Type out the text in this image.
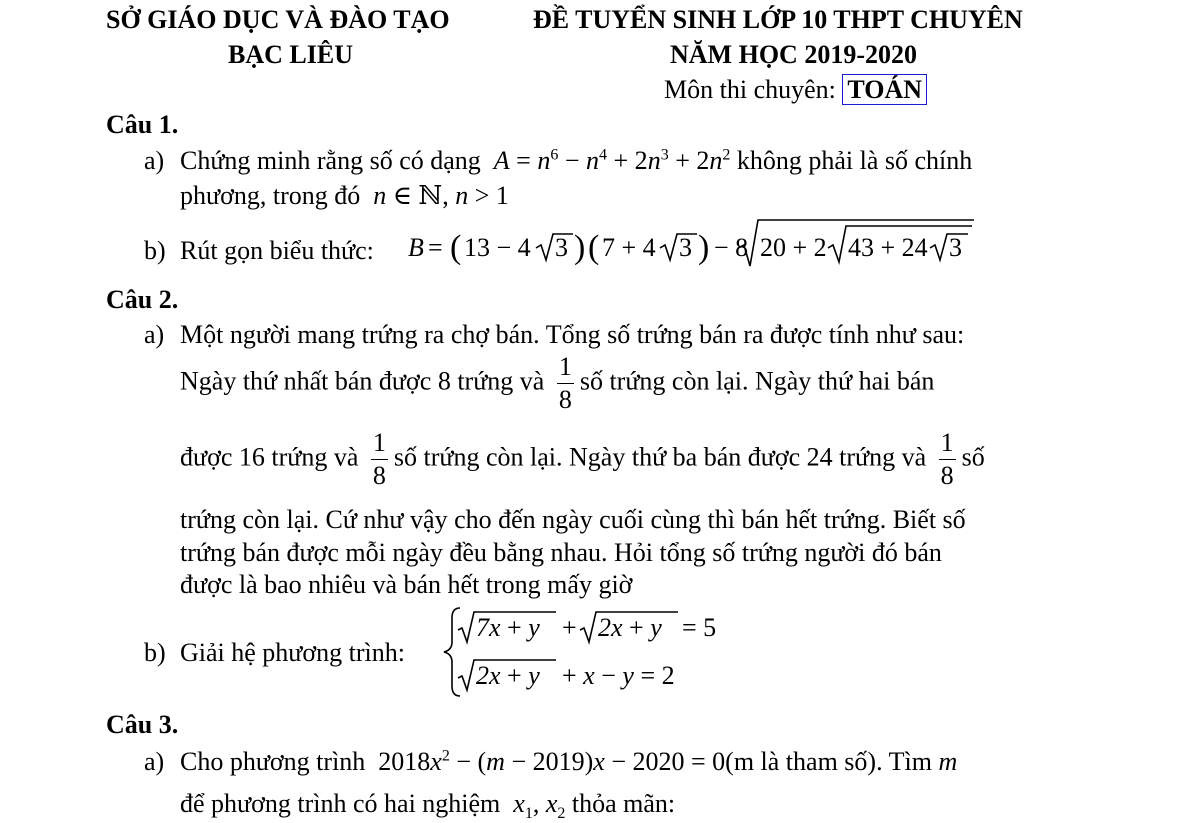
SỞ GIÁO DỤC VÀ ĐÀO TẠO
BẠC LIÊU
ĐỀ TUYỂN SINH LỚP 10 THPT CHUYÊN
NĂM HỌC 2019-2020
Môn thi chuyên: TOÁN
Câu 1.
a) Chứng minh rằng số có dạng $A = n^6 - n^4 + 2n^3 + 2n^2$ không phải là số chính
phương, trong đó n ∈ ℕ, n > 1
b) Rút gọn biểu thức: B = ( 13 − 4 3 ) ( 7 + 4 3 ) − 8 20 + 2 43 + 24 3
Câu 2.
a) Một người mang trứng ra chợ bán. Tổng số trứng bán ra được tính như sau:
Ngày thứ nhất bán được 8 trứng và $\frac{1}{8}$ số trứng còn lại. Ngày thứ hai bán
được 16 trứng và $\frac{1}{8}$ số trứng còn lại. Ngày thứ ba bán được 24 trứng và $\frac{1}{8}$ số
trứng còn lại. Cứ như vậy cho đến ngày cuối cùng thì bán hết trứng. Biết số
trứng bán được mỗi ngày đều bằng nhau. Hỏi tổng số trứng người đó bán
được là bao nhiêu và bán hết trong mấy giờ
b) Giải hệ phương trình:
7x + y + 2x + y = 5
2x + y + x − y = 2
Câu 3.
a) Cho phương trình  $2018x^2 - (m - 2019)x - 2020 = 0(m$ là tham số). Tìm m
để phương trình có hai nghiệm $x_1$, $x_2$ thỏa mãn:
